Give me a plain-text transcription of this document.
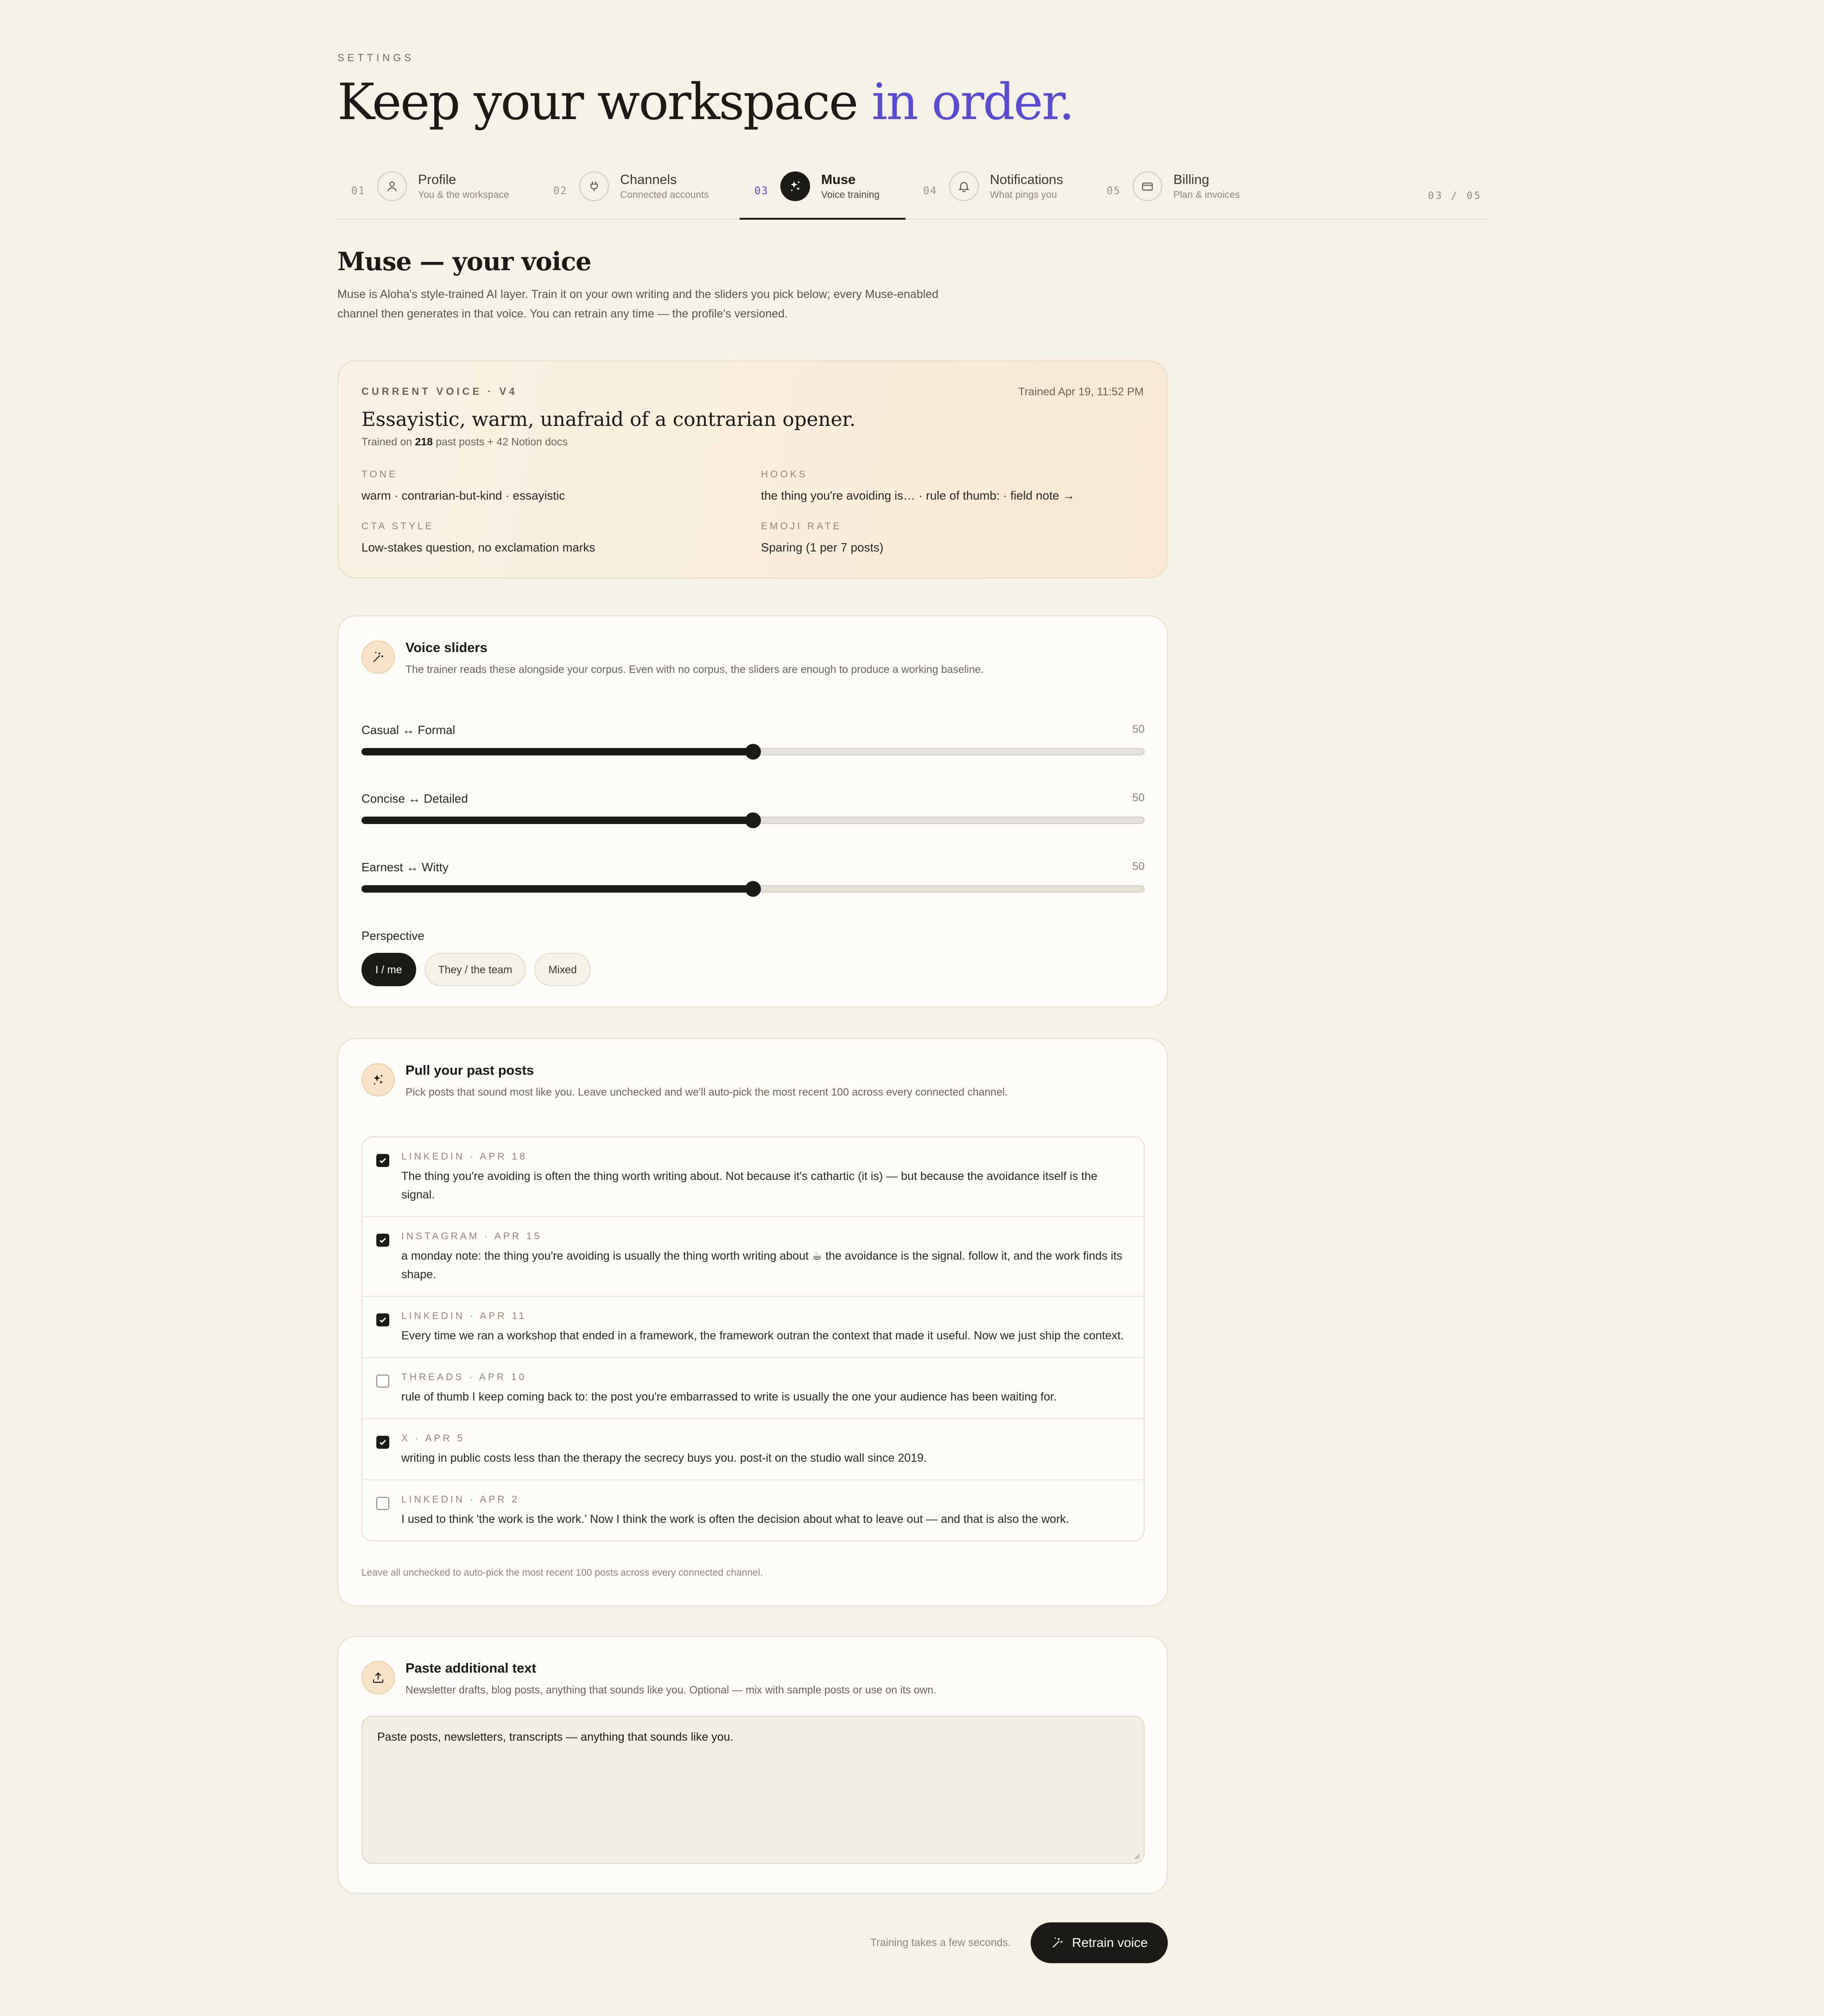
SETTINGS
Keep your workspace in order.
01
Profile
You & the workspace	02
Channels
Connected accounts	03
Muse
Voice training	04
Notifications
What pings you	05
Billing
Plan & invoices	03 / 05
Muse — your voice

Muse is Aloha's style-trained AI layer. Train it on your own writing and the sliders you pick below; every Muse-enabled channel then generates in that voice. You can retrain any time — the profile's versioned.

CURRENT VOICE · V4	Trained Apr 19, 11:52 PM
Essayistic, warm, unafraid of a contrarian opener.
Trained on 218 past posts + 42 Notion docs
TONE
warm · contrarian-but-kind · essayistic
HOOKS
the thing you're avoiding is… · rule of thumb: · field note →
CTA STYLE
Low-stakes question, no exclamation marks
EMOJI RATE
Sparing (1 per 7 posts)
Voice sliders
The trainer reads these alongside your corpus. Even with no corpus, the sliders are enough to produce a working baseline.
Casual ↔ Formal	50
Concise ↔ Detailed	50
Earnest ↔ Witty	50
Perspective
I / me	They / the team	Mixed
Pull your past posts
Pick posts that sound most like you. Leave unchecked and we'll auto-pick the most recent 100 across every connected channel.
LINKEDIN · APR 18
The thing you're avoiding is often the thing worth writing about. Not because it's cathartic (it is) — but because the avoidance itself is the signal.
INSTAGRAM · APR 15
a monday note: the thing you're avoiding is usually the thing worth writing about ☕ the avoidance is the signal. follow it, and the work finds its shape.
LINKEDIN · APR 11
Every time we ran a workshop that ended in a framework, the framework outran the context that made it useful. Now we just ship the context.
THREADS · APR 10
rule of thumb I keep coming back to: the post you're embarrassed to write is usually the one your audience has been waiting for.
X · APR 5
writing in public costs less than the therapy the secrecy buys you. post-it on the studio wall since 2019.
LINKEDIN · APR 2
I used to think 'the work is the work.' Now I think the work is often the decision about what to leave out — and that is also the work.
Leave all unchecked to auto-pick the most recent 100 posts across every connected channel.
Paste additional text
Newsletter drafts, blog posts, anything that sounds like you. Optional — mix with sample posts or use on its own.
Paste posts, newsletters, transcripts — anything that sounds like you.
Training takes a few seconds.	Retrain voice
